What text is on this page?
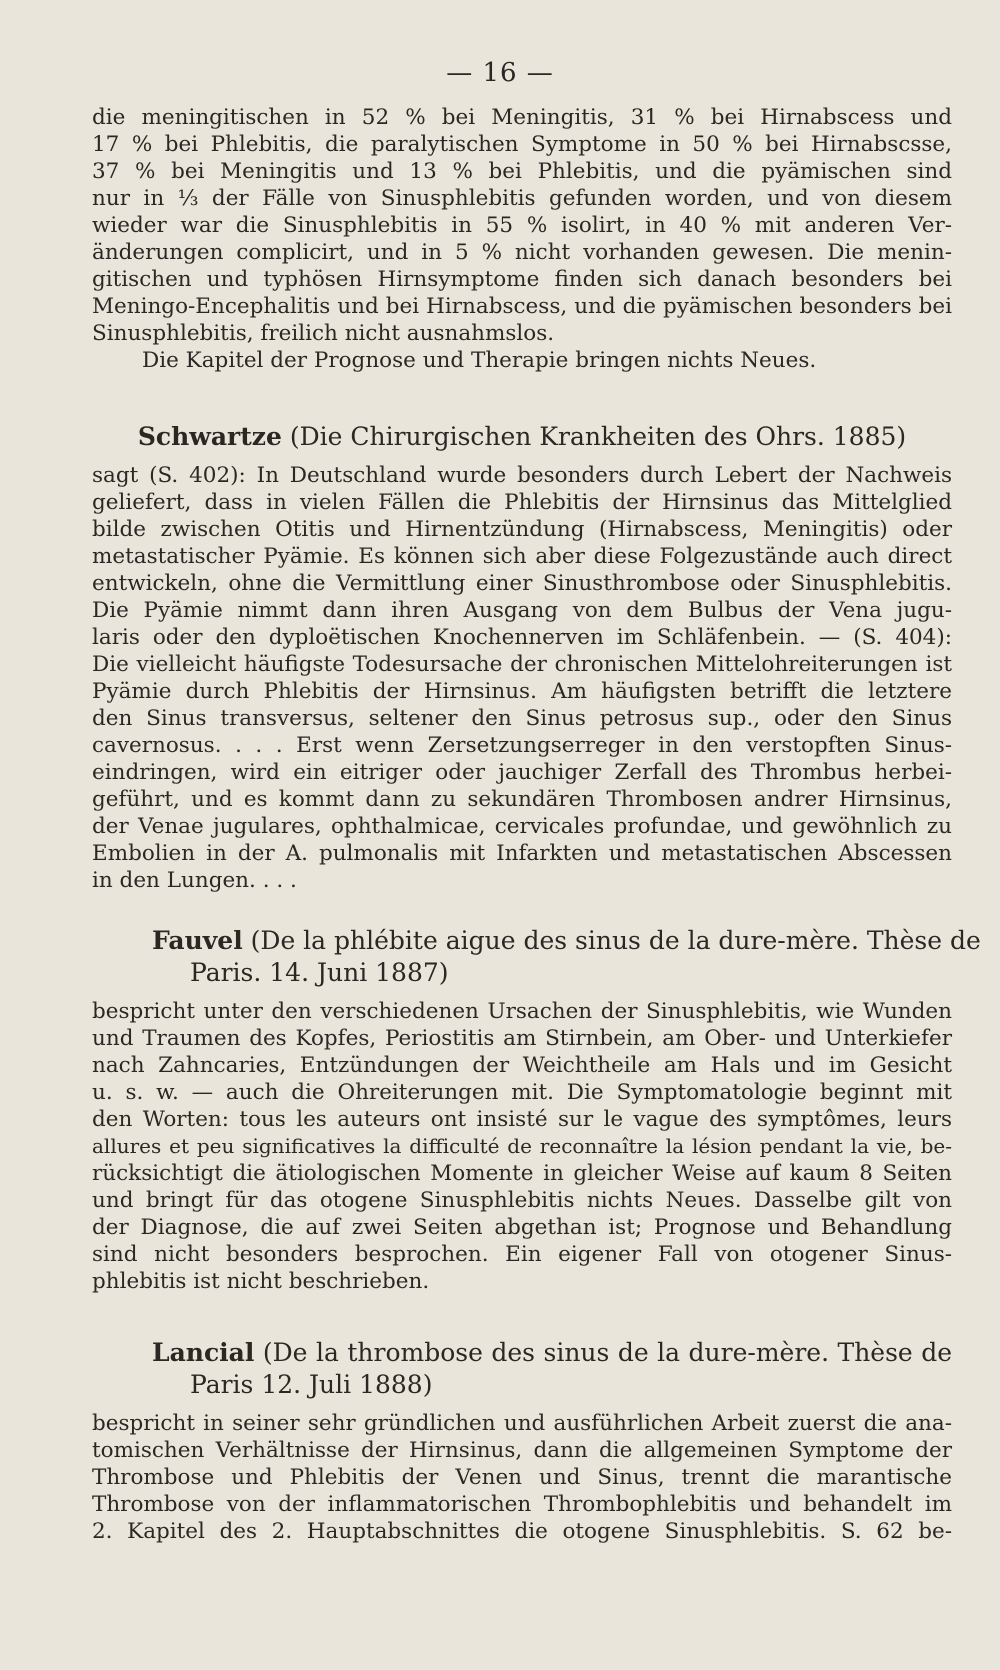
— 16 —
die meningitischen in 52 % bei Meningitis, 31 % bei Hirnabscess und
17 % bei Phlebitis, die paralytischen Symptome in 50 % bei Hirnabscsse,
37 % bei Meningitis und 13 % bei Phlebitis, und die pyämischen sind
nur in ⅓ der Fälle von Sinusphlebitis gefunden worden, und von diesem
wieder war die Sinusphlebitis in 55 % isolirt, in 40 % mit anderen Ver-
änderungen complicirt, und in 5 % nicht vorhanden gewesen. Die menin-
gitischen und typhösen Hirnsymptome finden sich danach besonders bei
Meningo-Encephalitis und bei Hirnabscess, und die pyämischen besonders bei
Sinusphlebitis, freilich nicht ausnahmslos.
Die Kapitel der Prognose und Therapie bringen nichts Neues.
Schwartze (Die Chirurgischen Krankheiten des Ohrs. 1885)
sagt (S. 402): In Deutschland wurde besonders durch Lebert der Nachweis
geliefert, dass in vielen Fällen die Phlebitis der Hirnsinus das Mittelglied
bilde zwischen Otitis und Hirnentzündung (Hirnabscess, Meningitis) oder
metastatischer Pyämie. Es können sich aber diese Folgezustände auch direct
entwickeln, ohne die Vermittlung einer Sinusthrombose oder Sinusphlebitis.
Die Pyämie nimmt dann ihren Ausgang von dem Bulbus der Vena jugu-
laris oder den dyploëtischen Knochennerven im Schläfenbein. — (S. 404):
Die vielleicht häufigste Todesursache der chronischen Mittelohreiterungen ist
Pyämie durch Phlebitis der Hirnsinus. Am häufigsten betrifft die letztere
den Sinus transversus, seltener den Sinus petrosus sup., oder den Sinus
cavernosus. . . . Erst wenn Zersetzungserreger in den verstopften Sinus-
eindringen, wird ein eitriger oder jauchiger Zerfall des Thrombus herbei-
geführt, und es kommt dann zu sekundären Thrombosen andrer Hirnsinus,
der Venae jugulares, ophthalmicae, cervicales profundae, und gewöhnlich zu
Embolien in der A. pulmonalis mit Infarkten und metastatischen Abscessen
in den Lungen. . . .
Fauvel (De la phlébite aigue des sinus de la dure-mère. Thèse de
Paris. 14. Juni 1887)
bespricht unter den verschiedenen Ursachen der Sinusphlebitis, wie Wunden
und Traumen des Kopfes, Periostitis am Stirnbein, am Ober- und Unterkiefer
nach Zahncaries, Entzündungen der Weichtheile am Hals und im Gesicht
u. s. w. — auch die Ohreiterungen mit. Die Symptomatologie beginnt mit
den Worten: tous les auteurs ont insisté sur le vague des symptômes, leurs
allures et peu significatives la difficulté de reconnaître la lésion pendant la vie, be-
rücksichtigt die ätiologischen Momente in gleicher Weise auf kaum 8 Seiten
und bringt für das otogene Sinusphlebitis nichts Neues. Dasselbe gilt von
der Diagnose, die auf zwei Seiten abgethan ist; Prognose und Behandlung
sind nicht besonders besprochen. Ein eigener Fall von otogener Sinus-
phlebitis ist nicht beschrieben.
Lancial (De la thrombose des sinus de la dure-mère. Thèse de
Paris 12. Juli 1888)
bespricht in seiner sehr gründlichen und ausführlichen Arbeit zuerst die ana-
tomischen Verhältnisse der Hirnsinus, dann die allgemeinen Symptome der
Thrombose und Phlebitis der Venen und Sinus, trennt die marantische
Thrombose von der inflammatorischen Thrombophlebitis und behandelt im
2. Kapitel des 2. Hauptabschnittes die otogene Sinusphlebitis. S. 62 be-
